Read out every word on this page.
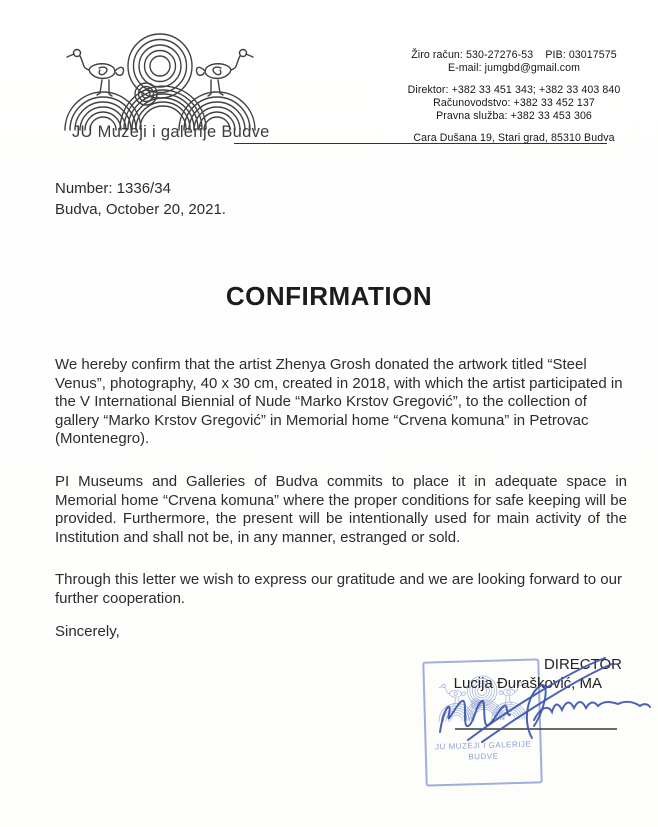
JU Muzeji i galerije Budve
Žiro račun: 530-27276-53    PIB: 03017575
E-mail: jumgbd@gmail.com
Direktor: +382 33 451 343; +382 33 403 840
Računovodstvo: +382 33 452 137
Pravna služba: +382 33 453 306
Cara Dušana 19, Stari grad, 85310 Budva
Number: 1336/34
Budva, October 20, 2021.
CONFIRMATION

We hereby confirm that the artist Zhenya Grosh donated the artwork titled “Steel Venus”, photography, 40 x 30 cm, created in 2018, with which the artist participated in the V International Biennial of Nude “Marko Krstov Gregović”, to the collection of gallery “Marko Krstov Gregović” in Memorial home “Crvena komuna” in Petrovac (Montenegro).

PI Museums and Galleries of Budva commits to place it in adequate space in Memorial home “Crvena komuna” where the proper conditions for safe keeping will be provided. Furthermore, the present will be intentionally used for main activity of the Institution and shall not be, in any manner, estranged or sold.

Through this letter we wish to express our gratitude and we are looking forward to our further cooperation.

Sincerely,

JU MUZEJI I GALERIJE
BUDVE
DIRECTOR
Lucija Đurašković, MA
